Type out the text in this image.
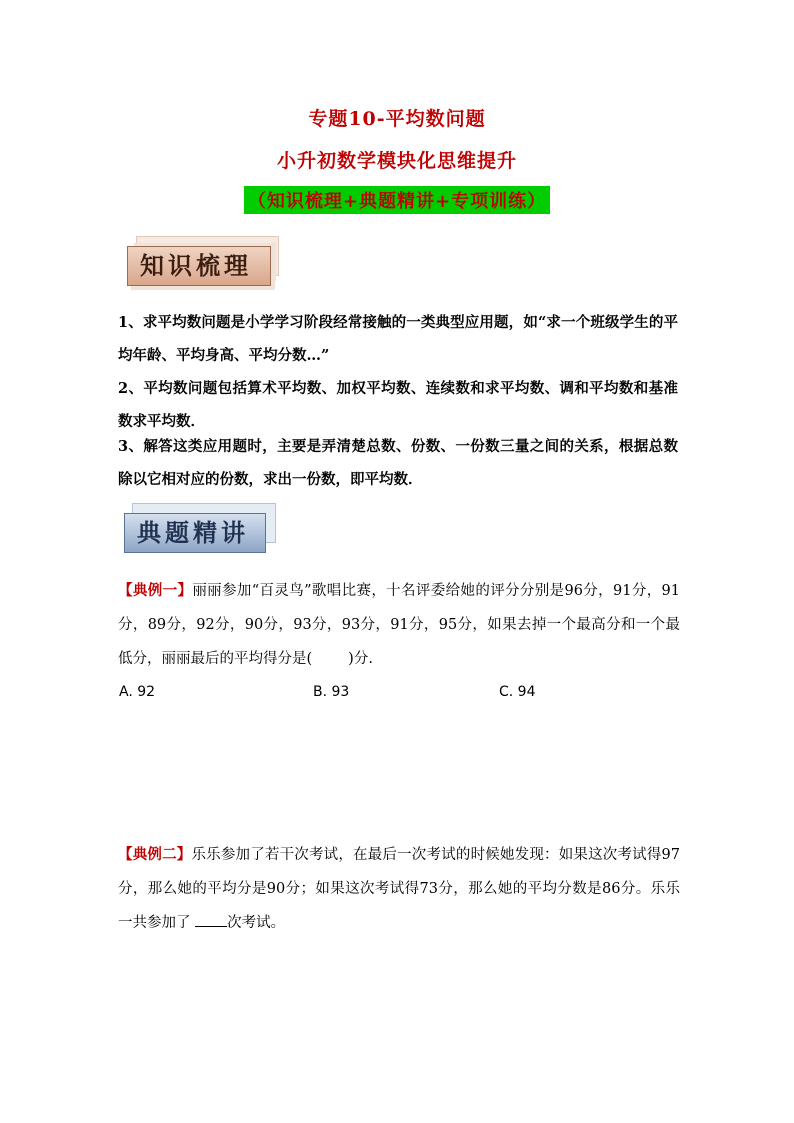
专题10-平均数问题
小升初数学模块化思维提升
（知识梳理+典题精讲+专项训练）
知识梳理
1、求平均数问题是小学学习阶段经常接触的一类典型应用题，如“求一个班级学生的平均年龄、平均身高、平均分数…”
2、平均数问题包括算术平均数、加权平均数、连续数和求平均数、调和平均数和基准数求平均数．
3、解答这类应用题时，主要是弄清楚总数、份数、一份数三量之间的关系，根据总数除以它相对应的份数，求出一份数，即平均数．
典题精讲
【典例一】丽丽参加“百灵鸟”歌唱比赛，十名评委给她的评分分别是96分，91分，91分，89分，92分，90分，93分，93分，91分，95分，如果去掉一个最高分和一个最低分，丽丽最后的平均得分是( )分.
A. 92	B. 93	C. 94
【典例二】乐乐参加了若干次考试，在最后一次考试的时候她发现：如果这次考试得97分，那么她的平均分是90分；如果这次考试得73分，那么她的平均分数是86分。乐乐一共参加了 次考试。
